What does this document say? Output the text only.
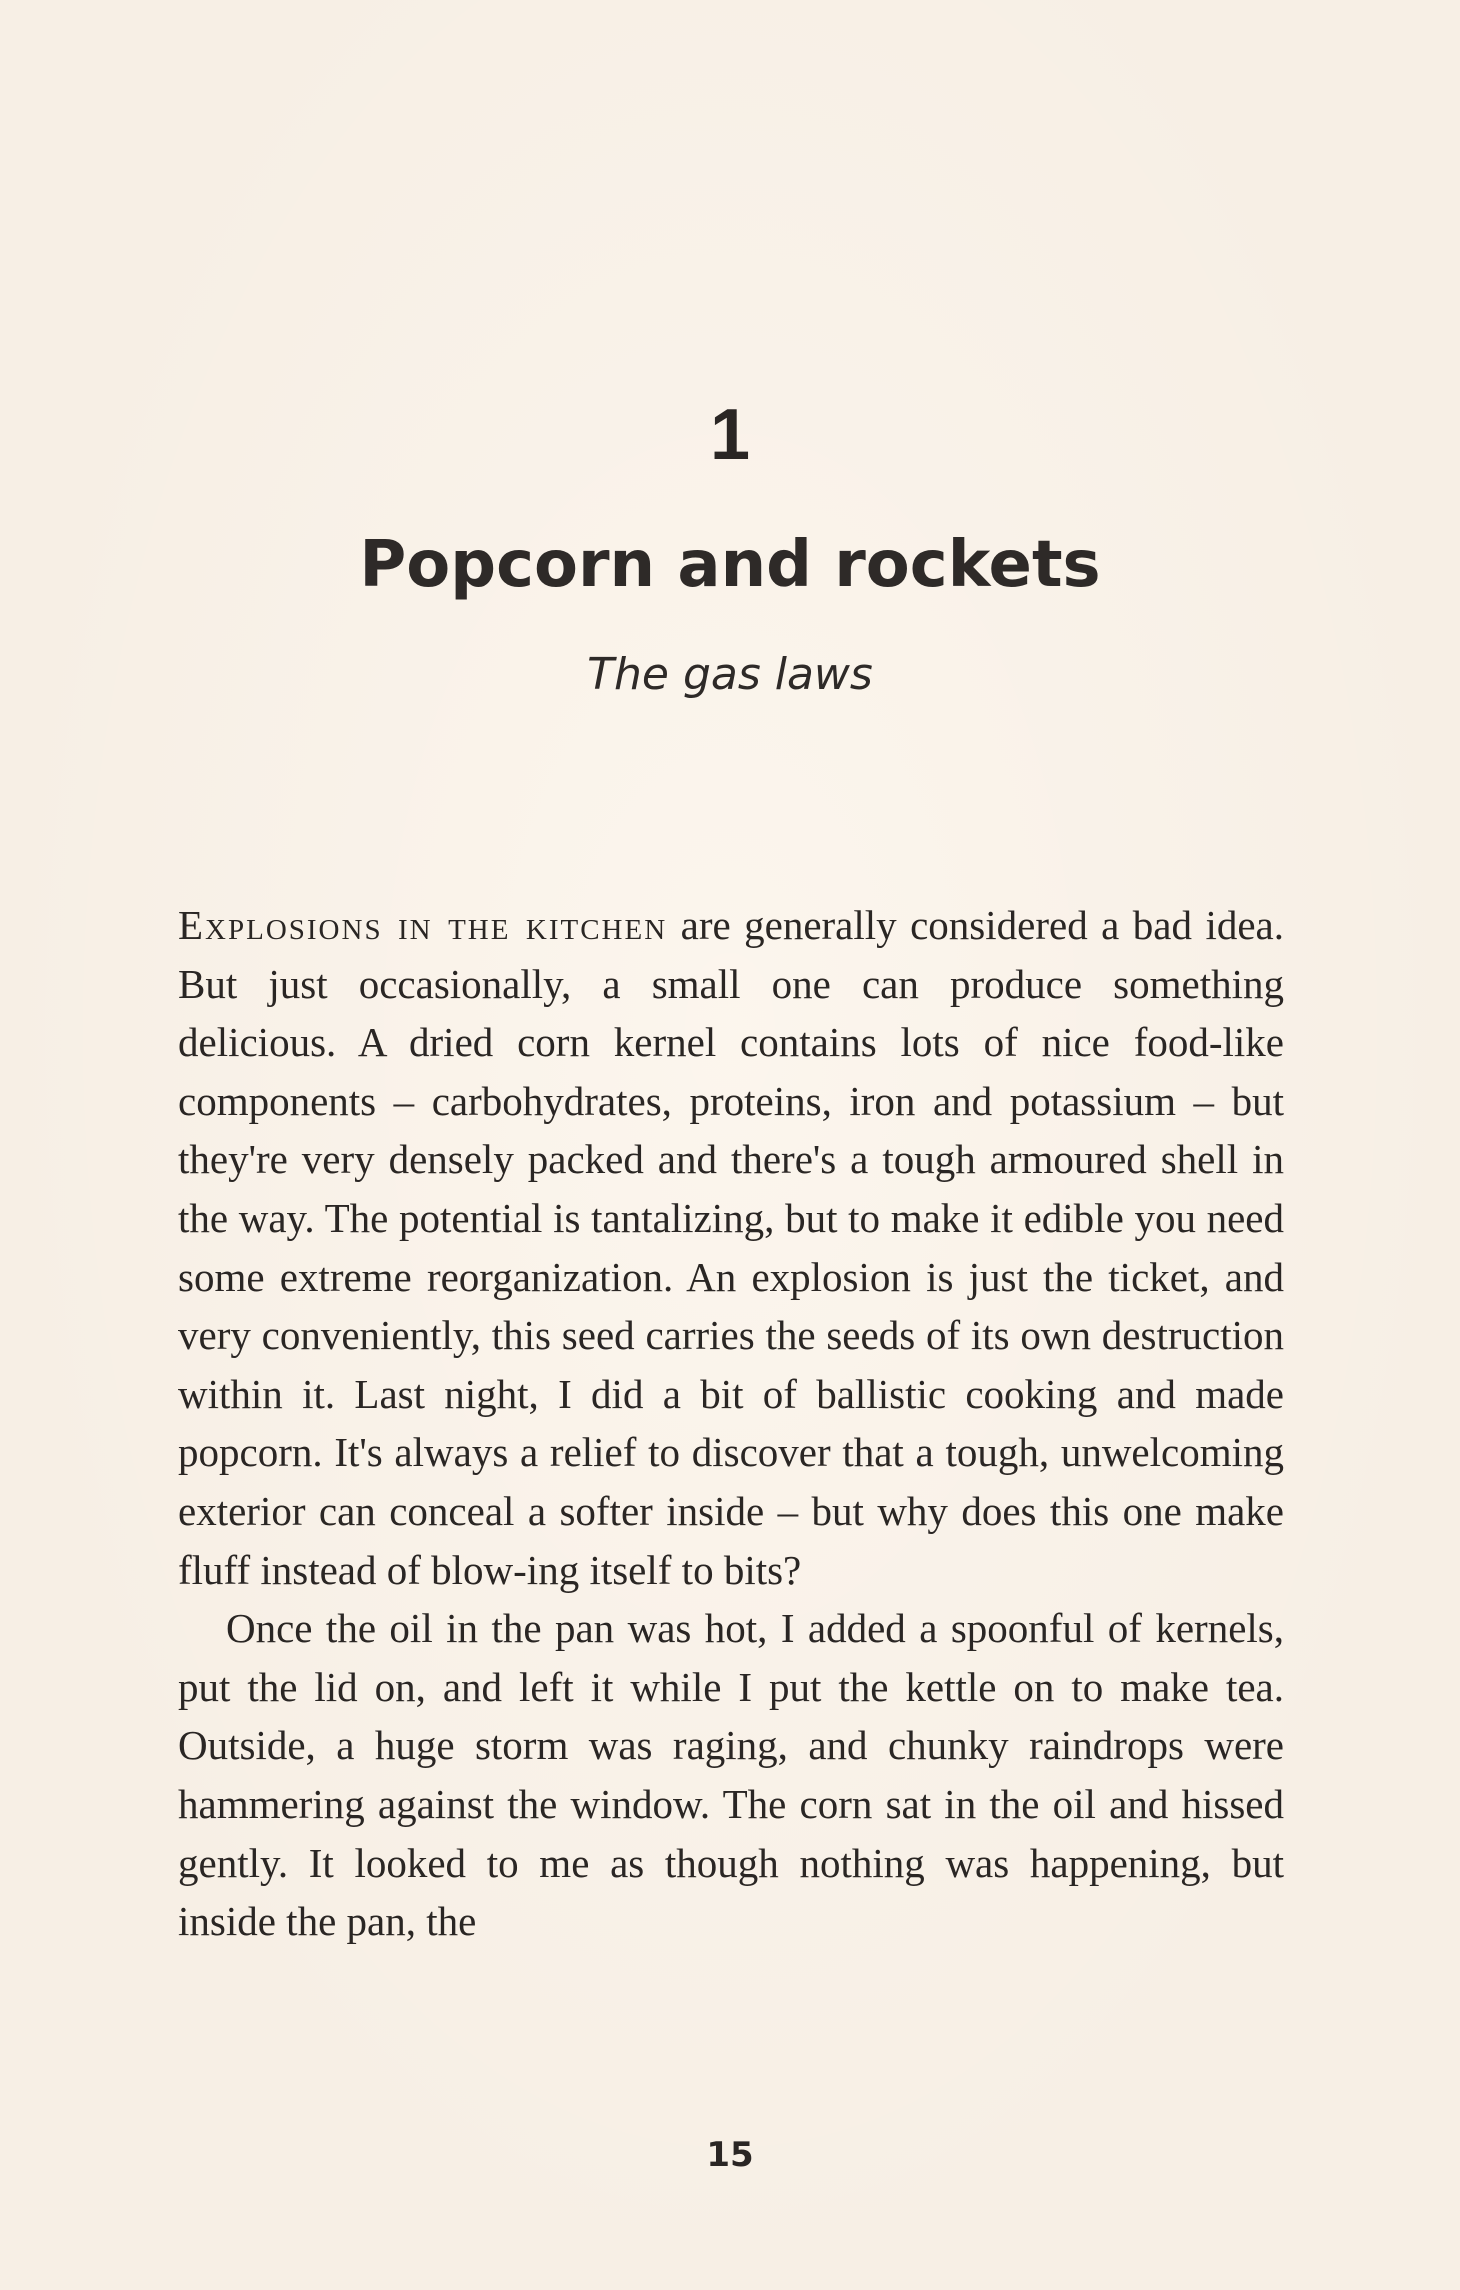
1
Popcorn and rockets
The gas laws

Explosions in the kitchen are generally considered a bad idea. But just occasionally, a small one can produce something delicious. A dried corn kernel contains lots of nice food-like components – carbohydrates, proteins, iron and potassium – but they're very densely packed and there's a tough armoured shell in the way. The potential is tantalizing, but to make it edible you need some extreme reorganization. An explosion is just the ticket, and very conveniently, this seed carries the seeds of its own destruction within it. Last night, I did a bit of ballistic cooking and made popcorn. It's always a relief to discover that a tough, unwelcoming exterior can conceal a softer inside – but why does this one make fluff instead of blow-ing itself to bits?

Once the oil in the pan was hot, I added a spoonful of kernels, put the lid on, and left it while I put the kettle on to make tea. Outside, a huge storm was raging, and chunky raindrops were hammering against the window. The corn sat in the oil and hissed gently. It looked to me as though nothing was happening, but inside the pan, the

15
